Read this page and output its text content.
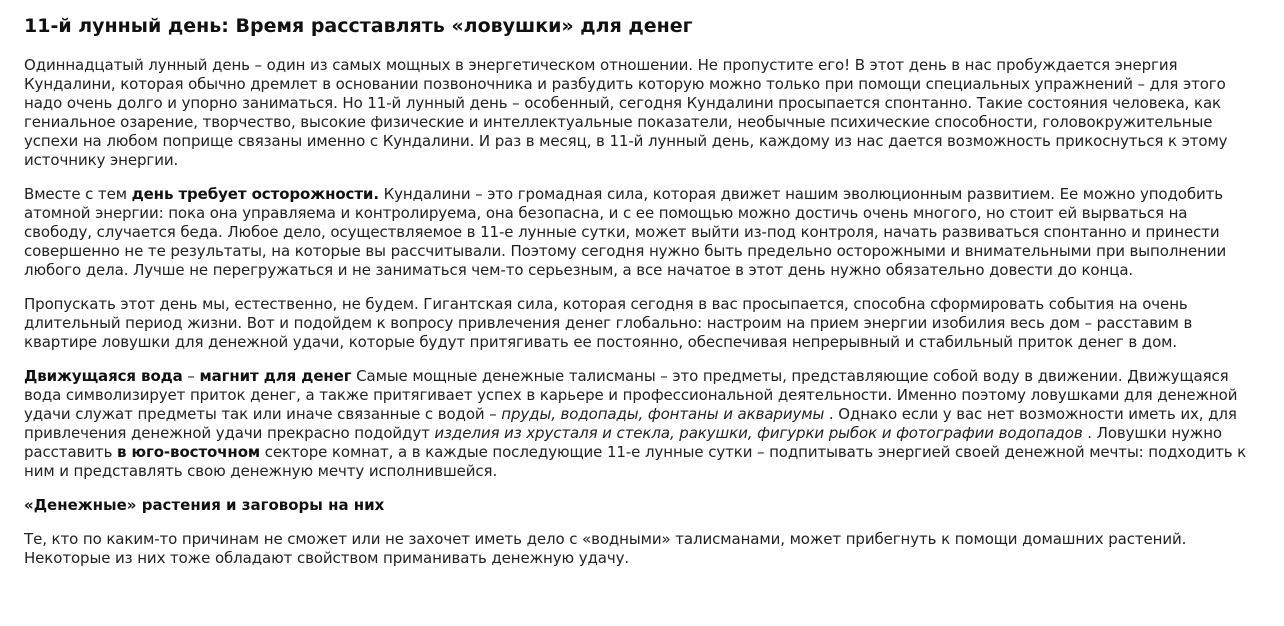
11-й лунный день: Время расставлять «ловушки» для денег

Одиннадцатый лунный день – один из самых мощных в энергетическом отношении. Не пропустите его! В этот день в нас пробуждается энергия Кундалини, которая обычно дремлет в основании позвоночника и разбудить которую можно только при помощи специальных упражнений – для этого надо очень долго и упорно заниматься. Но 11-й лунный день – особенный, сегодня Кундалини просыпается спонтанно. Такие состояния человека, как гениальное озарение, творчество, высокие физические и интеллектуальные показатели, необычные психические способности, головокружительные успехи на любом поприще связаны именно с Кундалини. И раз в месяц, в 11-й лунный день, каждому из нас дается возможность прикоснуться к этому источнику энергии.

Вместе с тем день требует осторожности. Кундалини – это громадная сила, которая движет нашим эволюционным развитием. Ее можно уподобить атомной энергии: пока она управляема и контролируема, она безопасна, и с ее помощью можно достичь очень многого, но стоит ей вырваться на свободу, случается беда. Любое дело, осуществляемое в 11-е лунные сутки, может выйти из-под контроля, начать развиваться спонтанно и принести совершенно не те результаты, на которые вы рассчитывали. Поэтому сегодня нужно быть предельно осторожными и внимательными при выполнении любого дела. Лучше не перегружаться и не заниматься чем-то серьезным, а все начатое в этот день нужно обязательно довести до конца.

Пропускать этот день мы, естественно, не будем. Гигантская сила, которая сегодня в вас просыпается, способна сформировать события на очень длительный период жизни. Вот и подойдем к вопросу привлечения денег глобально: настроим на прием энергии изобилия весь дом – расставим в квартире ловушки для денежной удачи, которые будут притягивать ее постоянно, обеспечивая непрерывный и стабильный приток денег в дом.

Движущаяся вода – магнит для денег Самые мощные денежные талисманы – это предметы, представляющие собой воду в движении. Движущаяся вода символизирует приток денег, а также притягивает успех в карьере и профессиональной деятельности. Именно поэтому ловушками для денежной удачи служат предметы так или иначе связанные с водой – пруды, водопады, фонтаны и аквариумы . Однако если у вас нет возможности иметь их, для привлечения денежной удачи прекрасно подойдут изделия из хрусталя и стекла, ракушки, фигурки рыбок и фотографии водопадов . Ловушки нужно расставить в юго-восточном секторе комнат, а в каждые последующие 11-е лунные сутки – подпитывать энергией своей денежной мечты: подходить к ним и представлять свою денежную мечту исполнившейся.

«Денежные» растения и заговоры на них

Те, кто по каким-то причинам не сможет или не захочет иметь дело с «водными» талисманами, может прибегнуть к помощи домашних растений. Некоторые из них тоже обладают свойством приманивать денежную удачу.
